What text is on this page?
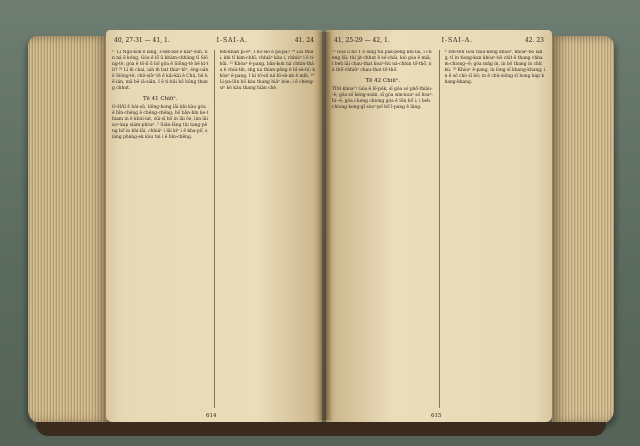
40, 27-31 — 41, 1.	I-SAI-A.	41. 24
¹⁷ Lí Ngá-kok ê lâng, I-sek-liát ê kiáⁿ-sun, lín ná ē kóng, Góa ê lō͘ ū khàm-chhàng tī Siōng-tè, góa ê tō-lí ū hō͘ góa ê Siōng-tè bē kì-tit? ²⁸ Lí m̄ chai, iah m̄ bat thiaⁿ-kìⁿ, éng-oán ê Siōng-tè, chō-siâⁿ tē ê kâi-kài ê Chú, bē hē-ián, mā bē ià-siān, I ê tì-hūi bô hông thang chhut.
Tē 41 Chiūⁿ.
O-HÂI ê hái-sū, tiōng-hong lâi khì kàu góa ê bīn-chêng ē chēng-chēng; hō͘ bān-bîn ke-thiam in ê khùi-lat, sûi-sî hō͘ in lâi ōe, lán lâi saⁿ-kap siám-phòaⁿ. ² Sián-lâng tùi tang-pêng hō͘ in khí-lâi, chhiáⁿ i lâi kìⁿ i ê kha-pō͘, siáng pháng-ek kàu tuì i ê bīn-chêng.
teh-khah pí-éⁿ, I hō͘-sió ê pa-pa? ¹⁴ Lâi thiu i, khì tī kim-chhī; chhiáⁿ kàu i, chhiáⁿ i ê tì-hūi. ¹⁵ Khòaⁿ ê-pang, bān-kok ná chhìn-thâu ê chúi-tih, sǹg ná thian-pêng ê bī-sè-tó͘; khòaⁿ ê-pang, I kí tó͘-sū ná bī-sè-ah ê mi̍h. ¹⁶ Li-pa-lûn bô kàu thang hiâⁿ hóe; i ê cheng-siⁿ bô kàu thang hiàn chè.
614
41, 25-29 — 42, 1.	I-SAI-A.	42. 23
²⁵ Góa ū hō͘ 1 ê lâng tùi pak-pêng khí-lâi, i í-keng lâi; tùi jit-chhut ê só͘-chāi, kiò góa ê miâ; i beh lâi chau-that koaⁿ-hú ná-chhin tô͘-thô͘, ná thô͘-chhiūⁿ chau-that tô͘-thô͘.
Tē 42 Chiūⁿ.
TÍM khòaⁿ! Góa ê lô͘-po̍k, sī góa só͘ phō͘-thiàu--ê; góa só͘ kéng-soán, sī góa sim-koaⁿ só͘ hoaⁿ-hí--ê; góa í-keng chiong góa ê Sîn hō͘ i; i beh chiong kong-gī sòaⁿ-pò͘ hō͘ ī-pang ê lâng.
⁴ Teh-teh Góa tsáu-keng khòaⁿ, khòaⁿ-bô lâng; tī in tiong-kan khòaⁿ-bô chi̍t ê thang chham-chiong--ê; góa mn̄g in, in bô thang ìn chi̍t kù. ²⁹ Khòaⁿ ê-pang, in lóng sī khang-khang; in ê só͘ chò sī bô; in ê chù-siōng sī hong kap khang-khang.
615
